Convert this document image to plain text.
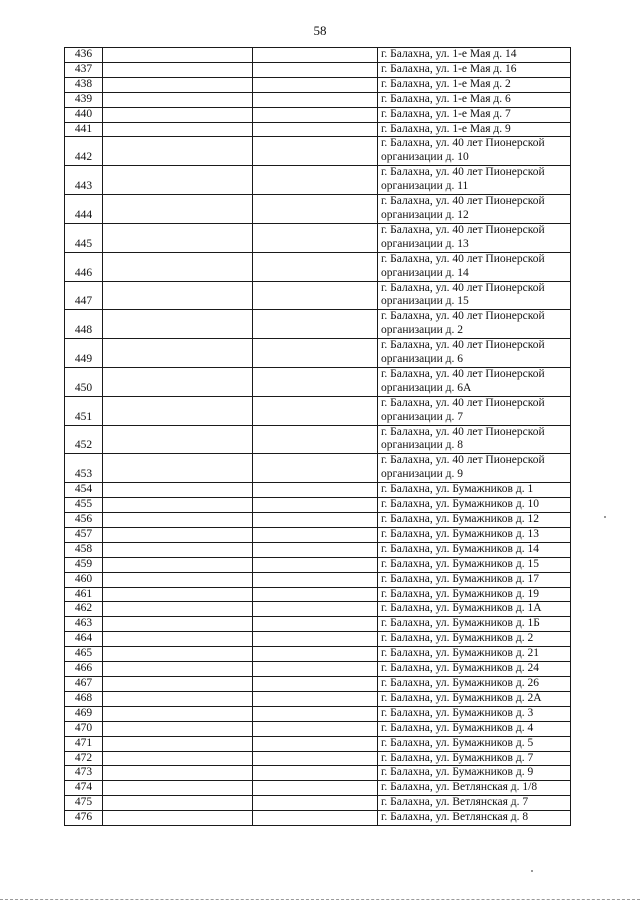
58
436			г. Балахна, ул. 1-е Мая д. 14
437			г. Балахна, ул. 1-е Мая д. 16
438			г. Балахна, ул. 1-е Мая д. 2
439			г. Балахна, ул. 1-е Мая д. 6
440			г. Балахна, ул. 1-е Мая д. 7
441			г. Балахна, ул. 1-е Мая д. 9
442			г. Балахна, ул. 40 лет Пионерской
организации д. 10

443			г. Балахна, ул. 40 лет Пионерской
организации д. 11

444			г. Балахна, ул. 40 лет Пионерской
организации д. 12

445			г. Балахна, ул. 40 лет Пионерской
организации д. 13

446			г. Балахна, ул. 40 лет Пионерской
организации д. 14

447			г. Балахна, ул. 40 лет Пионерской
организации д. 15

448			г. Балахна, ул. 40 лет Пионерской
организации д. 2

449			г. Балахна, ул. 40 лет Пионерской
организации д. 6

450			г. Балахна, ул. 40 лет Пионерской
организации д. 6А

451			г. Балахна, ул. 40 лет Пионерской
организации д. 7

452			г. Балахна, ул. 40 лет Пионерской
организации д. 8

453			г. Балахна, ул. 40 лет Пионерской
организации д. 9

454			г. Балахна, ул. Бумажников д. 1
455			г. Балахна, ул. Бумажников д. 10
456			г. Балахна, ул. Бумажников д. 12
457			г. Балахна, ул. Бумажников д. 13
458			г. Балахна, ул. Бумажников д. 14
459			г. Балахна, ул. Бумажников д. 15
460			г. Балахна, ул. Бумажников д. 17
461			г. Балахна, ул. Бумажников д. 19
462			г. Балахна, ул. Бумажников д. 1А
463			г. Балахна, ул. Бумажников д. 1Б
464			г. Балахна, ул. Бумажников д. 2
465			г. Балахна, ул. Бумажников д. 21
466			г. Балахна, ул. Бумажников д. 24
467			г. Балахна, ул. Бумажников д. 26
468			г. Балахна, ул. Бумажников д. 2А
469			г. Балахна, ул. Бумажников д. 3
470			г. Балахна, ул. Бумажников д. 4
471			г. Балахна, ул. Бумажников д. 5
472			г. Балахна, ул. Бумажников д. 7
473			г. Балахна, ул. Бумажников д. 9
474			г. Балахна, ул. Ветлянская д. 1/8
475			г. Балахна, ул. Ветлянская д. 7
476			г. Балахна, ул. Ветлянская д. 8
